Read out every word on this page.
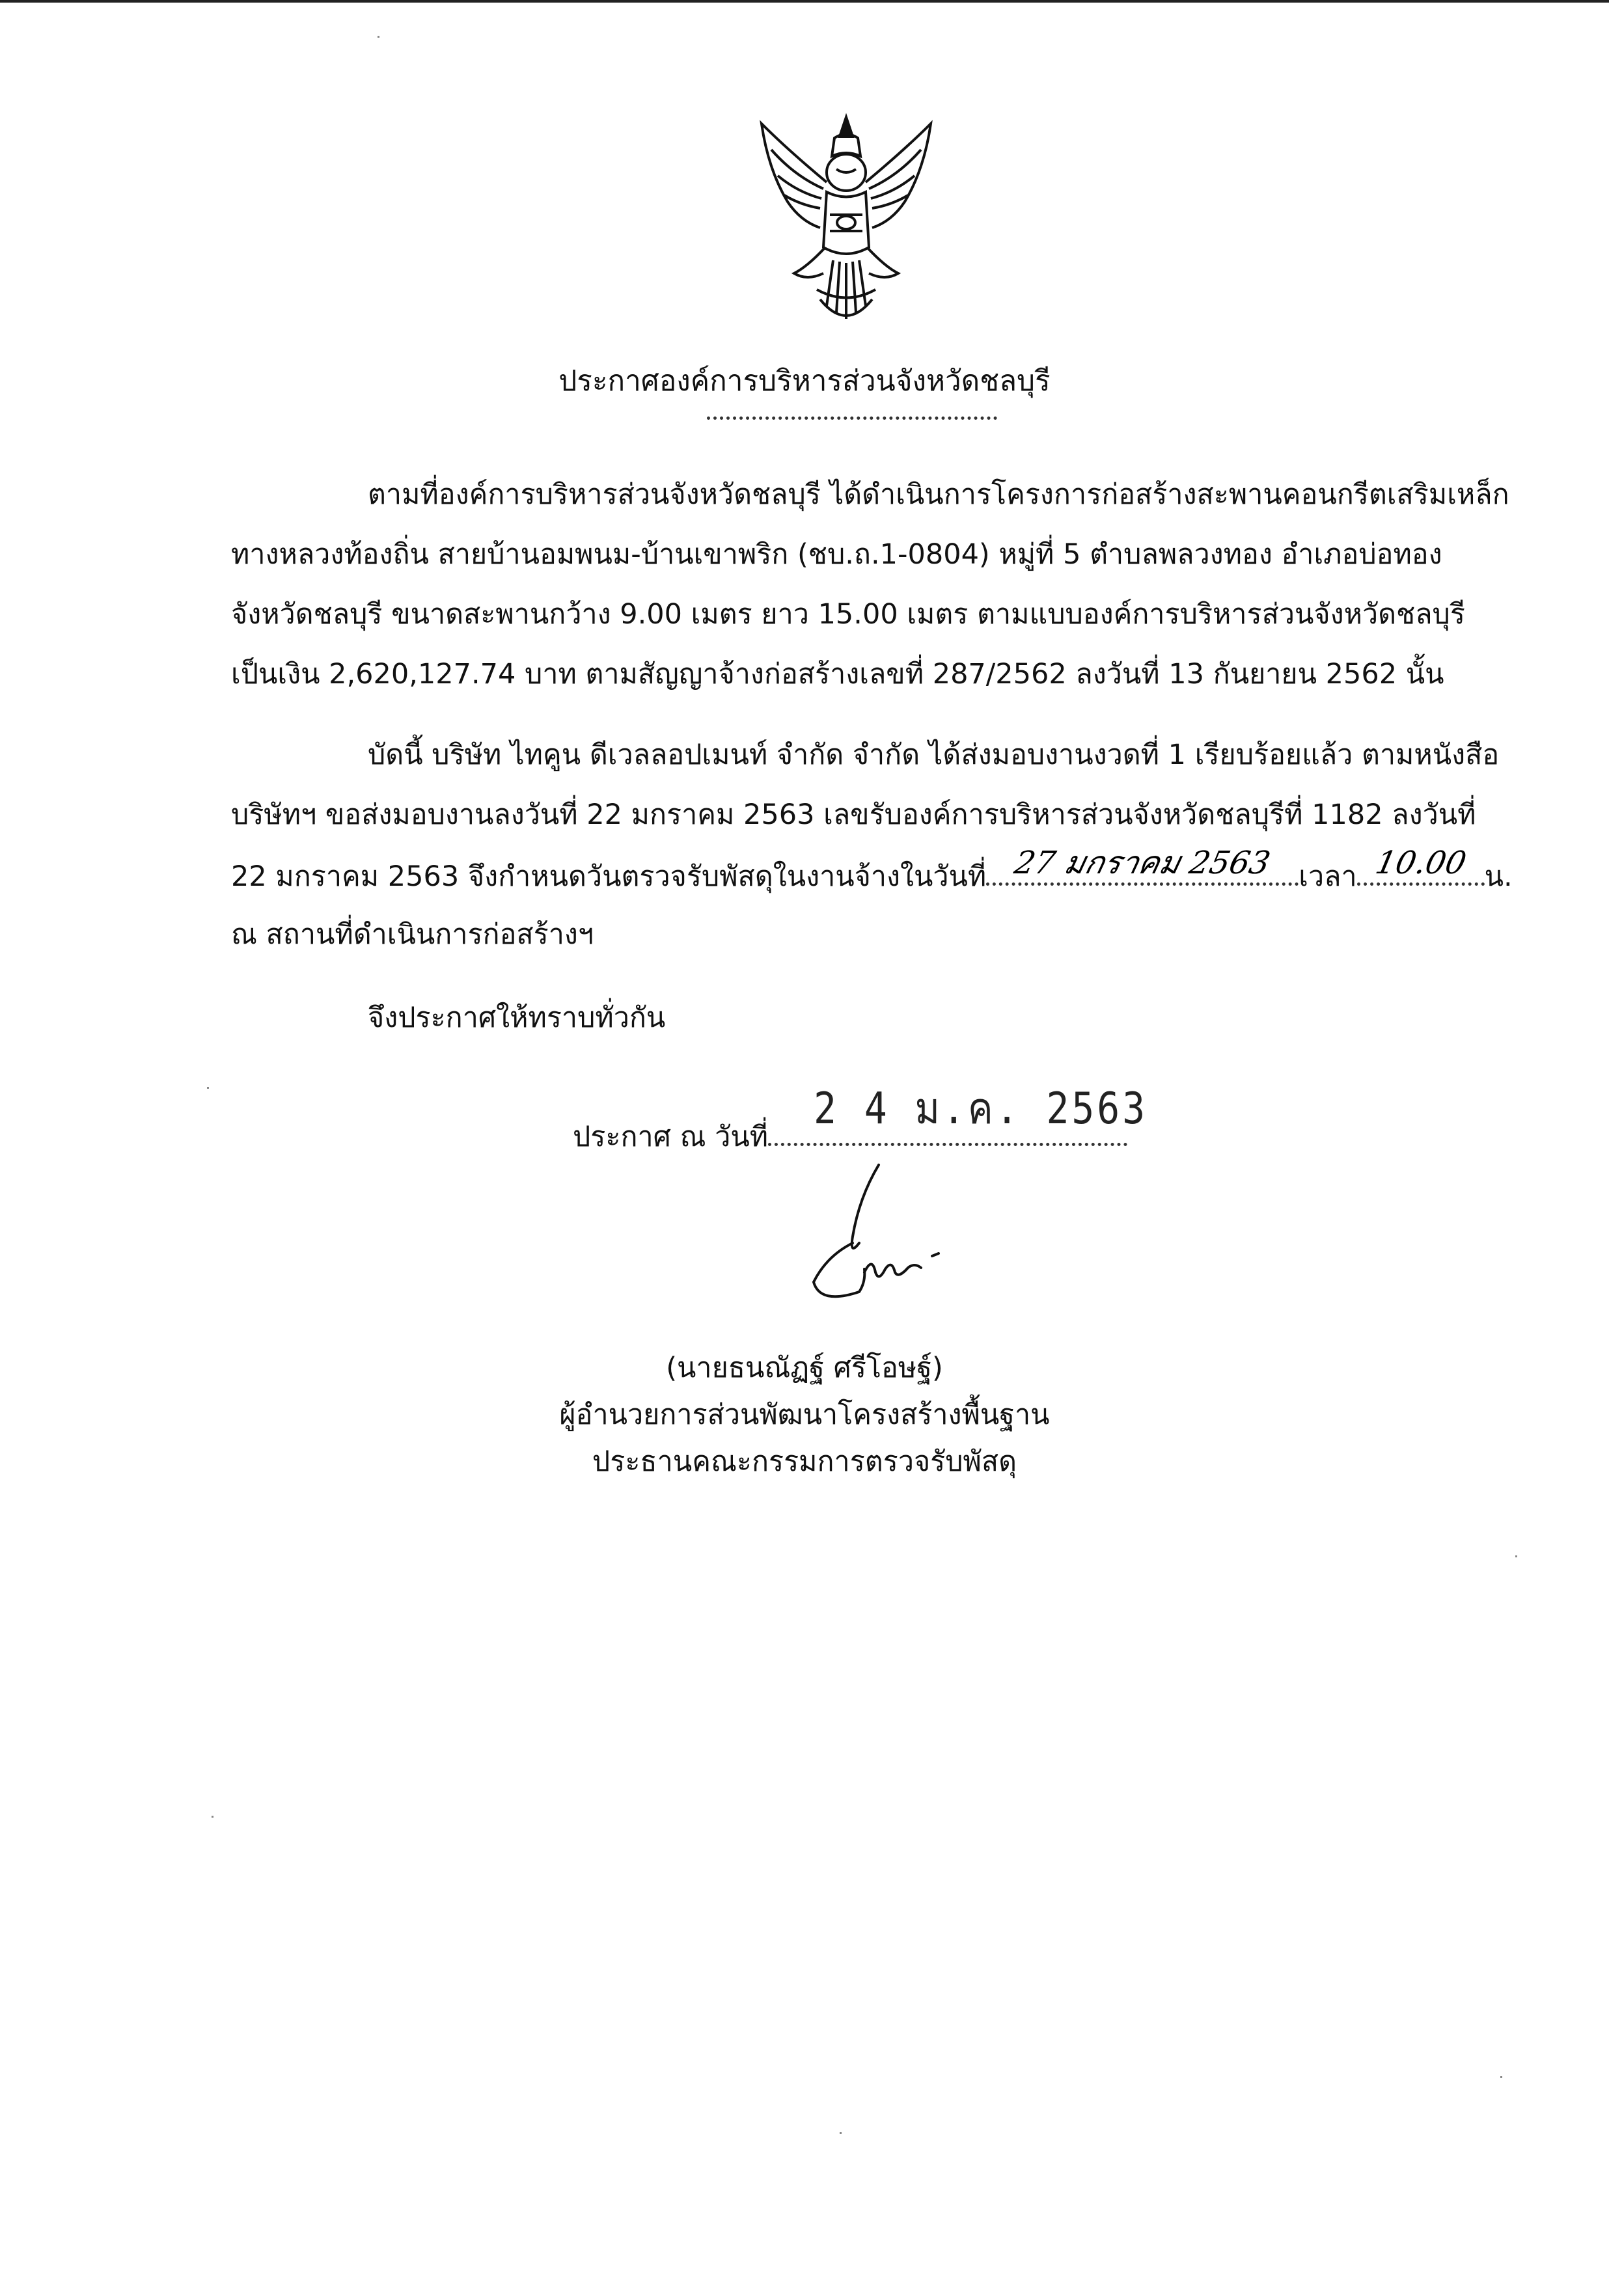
ประกาศองค์การบริหารส่วนจังหวัดชลบุรี
ตามที่องค์การบริหารส่วนจังหวัดชลบุรี ได้ดำเนินการโครงการก่อสร้างสะพานคอนกรีตเสริมเหล็ก
ทางหลวงท้องถิ่น สายบ้านอมพนม-บ้านเขาพริก (ชบ.ถ.1-0804) หมู่ที่ 5 ตำบลพลวงทอง อำเภอบ่อทอง
จังหวัดชลบุรี ขนาดสะพานกว้าง 9.00 เมตร ยาว 15.00 เมตร ตามแบบองค์การบริหารส่วนจังหวัดชลบุรี
เป็นเงิน 2,620,127.74 บาท ตามสัญญาจ้างก่อสร้างเลขที่ 287/2562 ลงวันที่ 13 กันยายน 2562 นั้น
บัดนี้ บริษัท ไทคูน ดีเวลลอปเมนท์ จำกัด จำกัด ได้ส่งมอบงานงวดที่ 1 เรียบร้อยแล้ว ตามหนังสือ
บริษัทฯ ขอส่งมอบงานลงวันที่ 22 มกราคม 2563 เลขรับองค์การบริหารส่วนจังหวัดชลบุรีที่ 1182 ลงวันที่
22 มกราคม 2563 จึงกำหนดวันตรวจรับพัสดุในงานจ้างในวันที่ 27 มกราคม 2563 เวลา 10.00 น.
ณ สถานที่ดำเนินการก่อสร้างฯ
จึงประกาศให้ทราบทั่วกัน
2 4 ม.ค. 2563
ประกาศ ณ วันที่
(นายธนณัฏฐ์ ศรีโอษฐ์)
ผู้อำนวยการส่วนพัฒนาโครงสร้างพื้นฐาน
ประธานคณะกรรมการตรวจรับพัสดุ
